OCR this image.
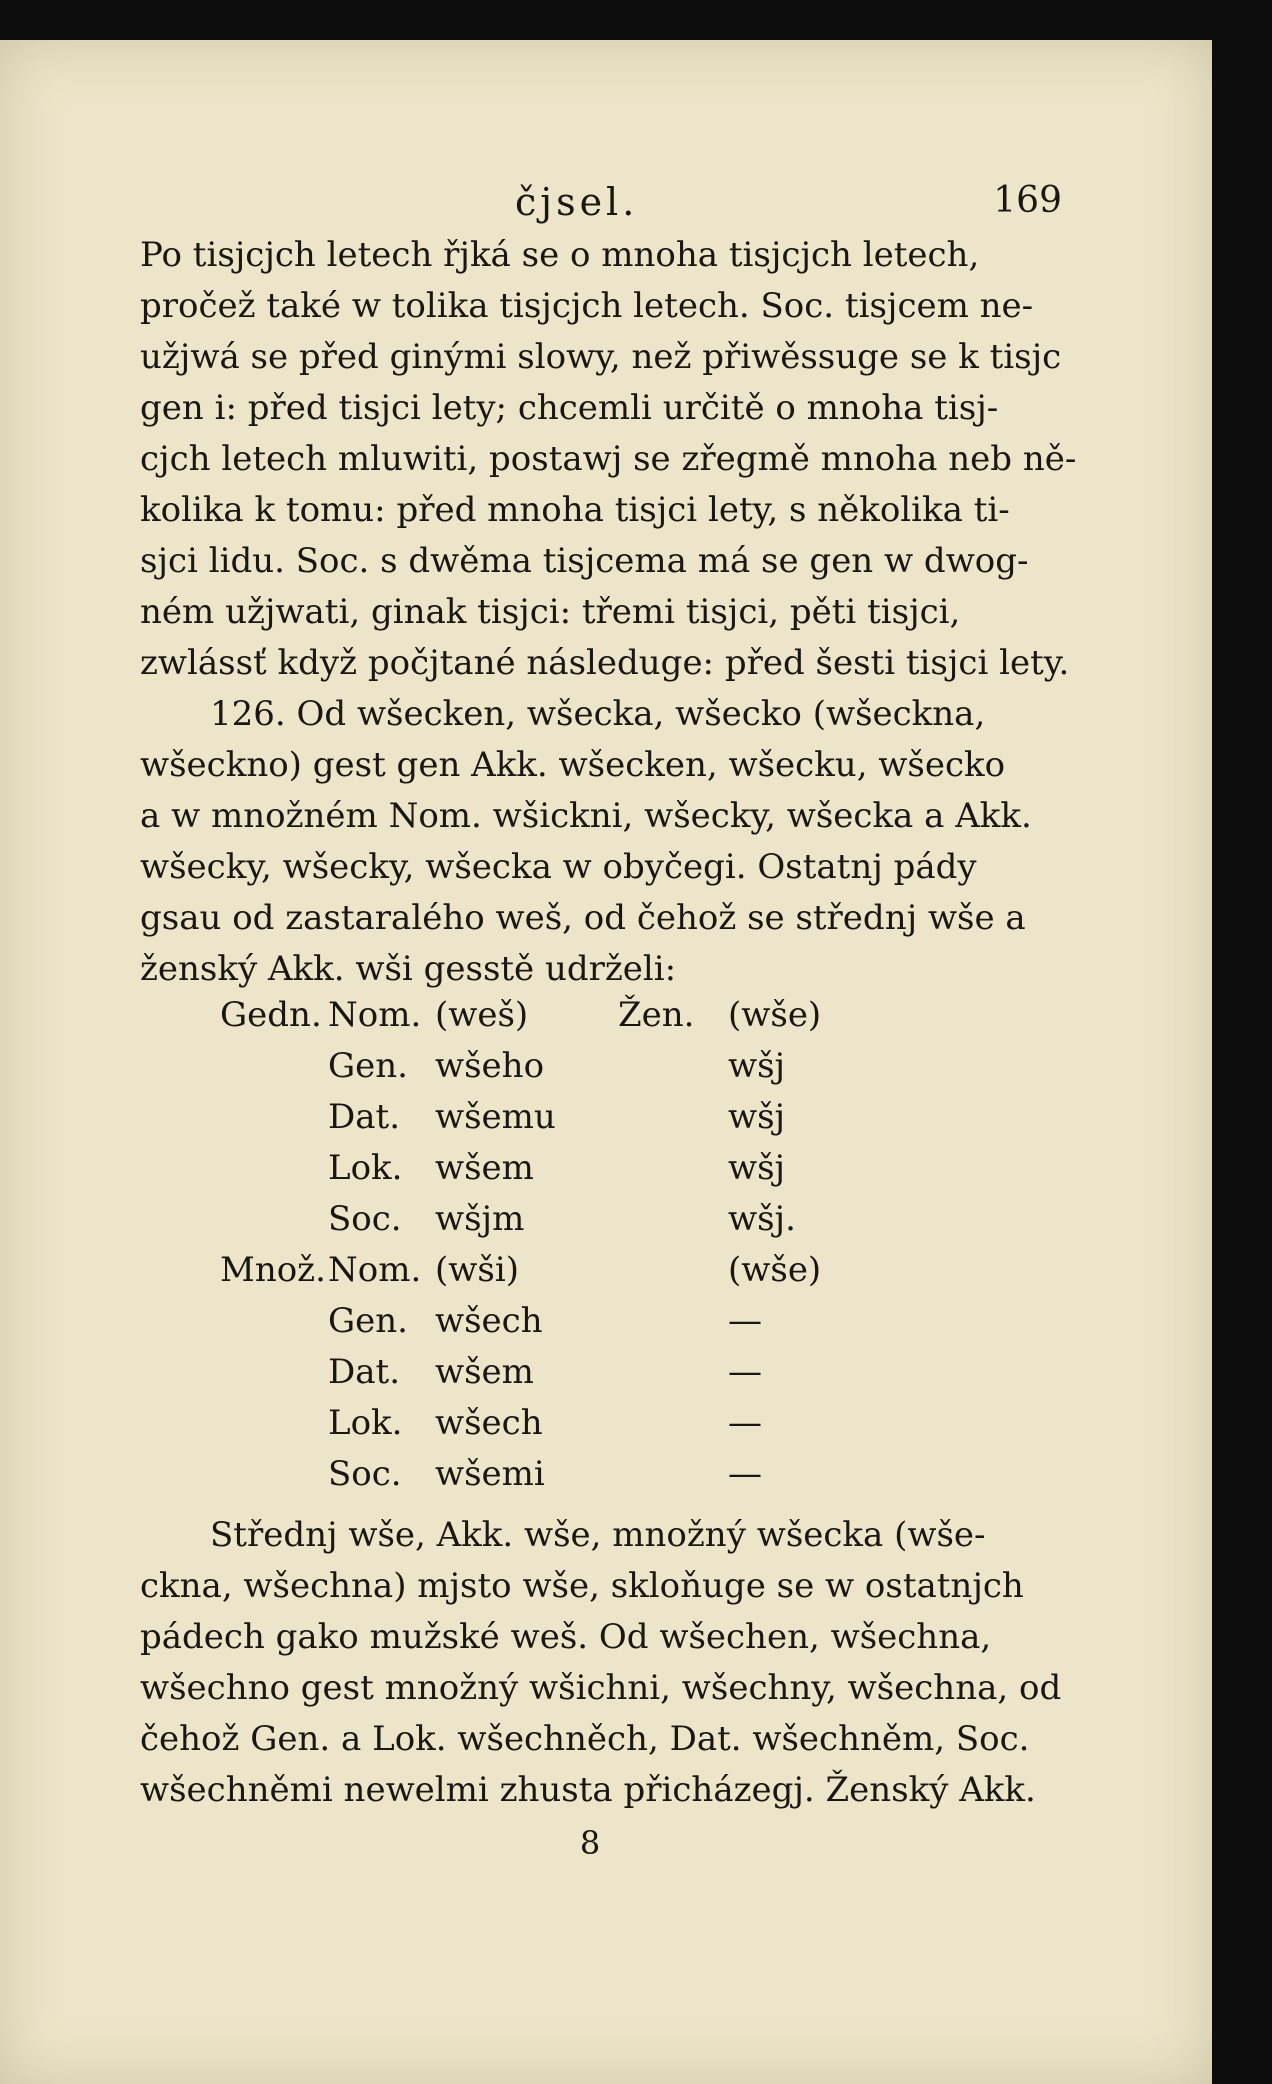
čjsel.	169

Po tisjcjch letech řjká se o mnoha tisjcjch letech,
pročež také w tolika tisjcjch letech. Soc. tisjcem ne-
užjwá se před ginými slowy, než přiwěssuge se k tisjc
gen i: před tisjci lety; chcemli určitě o mnoha tisj-
cjch letech mluwiti, postawj se zřegmě mnoha neb ně-
kolika k tomu: před mnoha tisjci lety, s několika ti-
sjci lidu. Soc. s dwěma tisjcema má se gen w dwog-
ném užjwati, ginak tisjci: třemi tisjci, pěti tisjci,
zwlássť když počjtané následuge: před šesti tisjci lety.

126. Od wšecken, wšecka, wšecko (wšeckna,
wšeckno) gest gen Akk. wšecken, wšecku, wšecko
a w množném Nom. wšickni, wšecky, wšecka a Akk.
wšecky, wšecky, wšecka w obyčegi. Ostatnj pády
gsau od zastaralého weš, od čehož se střednj wše a
ženský Akk. wši gesstě udrželi:

Gedn. Nom. (weš)	Žen. (wše)
Gen. wšeho	wšj
Dat. wšemu	wšj
Lok. wšem	wšj
Soc. wšjm	wšj.
Množ. Nom. (wši)	(wše)
Gen. wšech	—
Dat. wšem	—
Lok. wšech	—
Soc. wšemi	—

Střednj wše, Akk. wše, množný wšecka (wše-
ckna, wšechna) mjsto wše, skloňuge se w ostatnjch
pádech gako mužské weš. Od wšechen, wšechna,
wšechno gest množný wšichni, wšechny, wšechna, od
čehož Gen. a Lok. wšechněch, Dat. wšechněm, Soc.
wšechněmi newelmi zhusta přicházegj. Ženský Akk.

8
